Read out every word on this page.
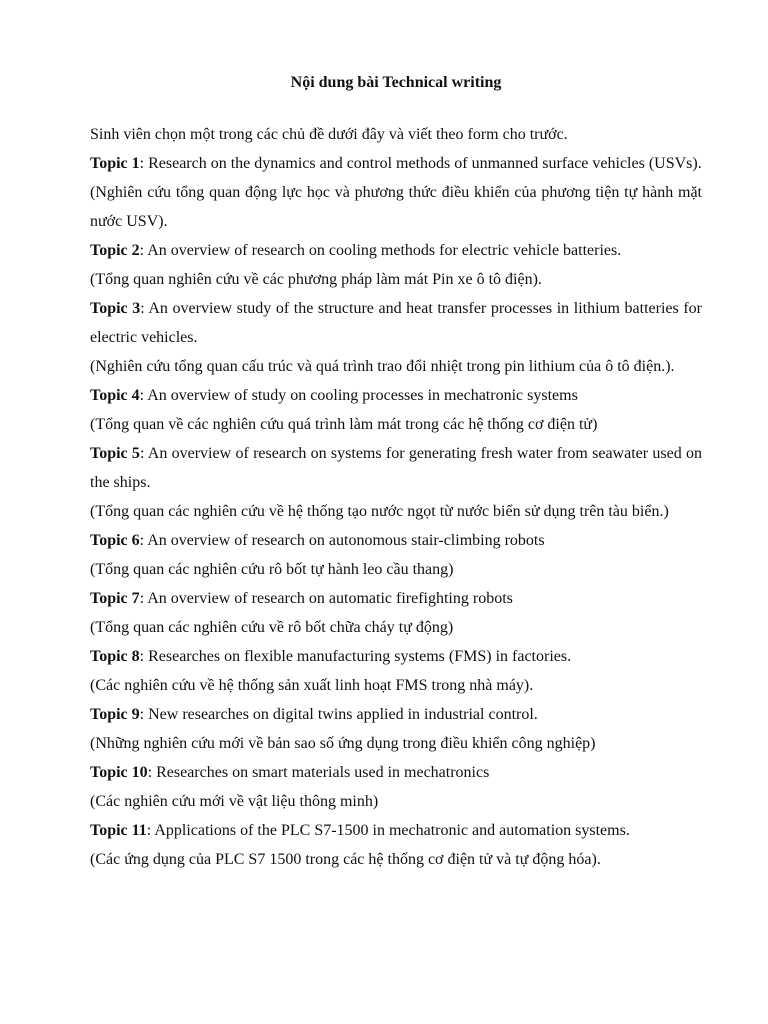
Nội dung bài Technical writing

Sinh viên chọn một trong các chủ đề dưới đây và viết theo form cho trước.

Topic 1: Research on the dynamics and control methods of unmanned surface vehicles (USVs).

(Nghiên cứu tổng quan động lực học và phương thức điều khiển của phương tiện tự hành mặt nước USV).

Topic 2: An overview of research on cooling methods for electric vehicle batteries.

(Tổng quan nghiên cứu về các phương pháp làm mát Pin xe ô tô điện).

Topic 3: An overview study of the structure and heat transfer processes in lithium batteries for electric vehicles.

(Nghiên cứu tổng quan cấu trúc và quá trình trao đổi nhiệt trong pin lithium của ô tô điện.).

Topic 4: An overview of study on cooling processes in mechatronic systems

(Tổng quan về các nghiên cứu quá trình làm mát trong các hệ thống cơ điện tử)

Topic 5: An overview of research on systems for generating fresh water from seawater used on the ships.

(Tổng quan các nghiên cứu về hệ thống tạo nước ngọt từ nước biển sử dụng trên tàu biển.)

Topic 6: An overview of research on autonomous stair-climbing robots

(Tổng quan các nghiên cứu rô bốt tự hành leo cầu thang)

Topic 7: An overview of research on automatic firefighting robots

(Tổng quan các nghiên cứu về rô bốt chữa cháy tự động)

Topic 8: Researches on flexible manufacturing systems (FMS) in factories.

(Các nghiên cứu về hệ thống sản xuất linh hoạt FMS trong nhà máy).

Topic 9: New researches on digital twins applied in industrial control.

(Những nghiên cứu mới về bản sao số ứng dụng trong điều khiển công nghiệp)

Topic 10: Researches on smart materials used in mechatronics

(Các nghiên cứu mới về vật liệu thông minh)

Topic 11: Applications of the PLC S7-1500 in mechatronic and automation systems.

(Các ứng dụng của PLC S7 1500 trong các hệ thống cơ điện tử và tự động hóa).
